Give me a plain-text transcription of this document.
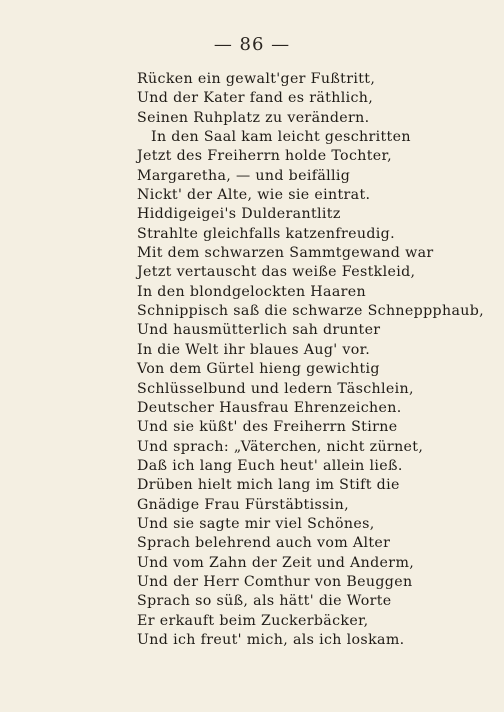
— 86 —
Rücken ein gewalt'ger Fußtritt,
Und der Kater fand es räthlich,
Seinen Ruhplatz zu verändern.
In den Saal kam leicht geschritten
Jetzt des Freiherrn holde Tochter,
Margaretha, — und beifällig
Nickt' der Alte, wie sie eintrat.
Hiddigeigei's Dulderantlitz
Strahlte gleichfalls katzenfreudig.
Mit dem schwarzen Sammtgewand war
Jetzt vertauscht das weiße Festkleid,
In den blondgelockten Haaren
Schnippisch saß die schwarze Schneppphaub,
Und hausmütterlich sah drunter
In die Welt ihr blaues Aug' vor.
Von dem Gürtel hieng gewichtig
Schlüsselbund und ledern Täschlein,
Deutscher Hausfrau Ehrenzeichen.
Und sie küßt' des Freiherrn Stirne
Und sprach: „Väterchen, nicht zürnet,
Daß ich lang Euch heut' allein ließ.
Drüben hielt mich lang im Stift die
Gnädige Frau Fürstäbtissin,
Und sie sagte mir viel Schönes,
Sprach belehrend auch vom Alter
Und vom Zahn der Zeit und Anderm,
Und der Herr Comthur von Beuggen
Sprach so süß, als hätt' die Worte
Er erkauft beim Zuckerbäcker,
Und ich freut' mich, als ich loskam.
